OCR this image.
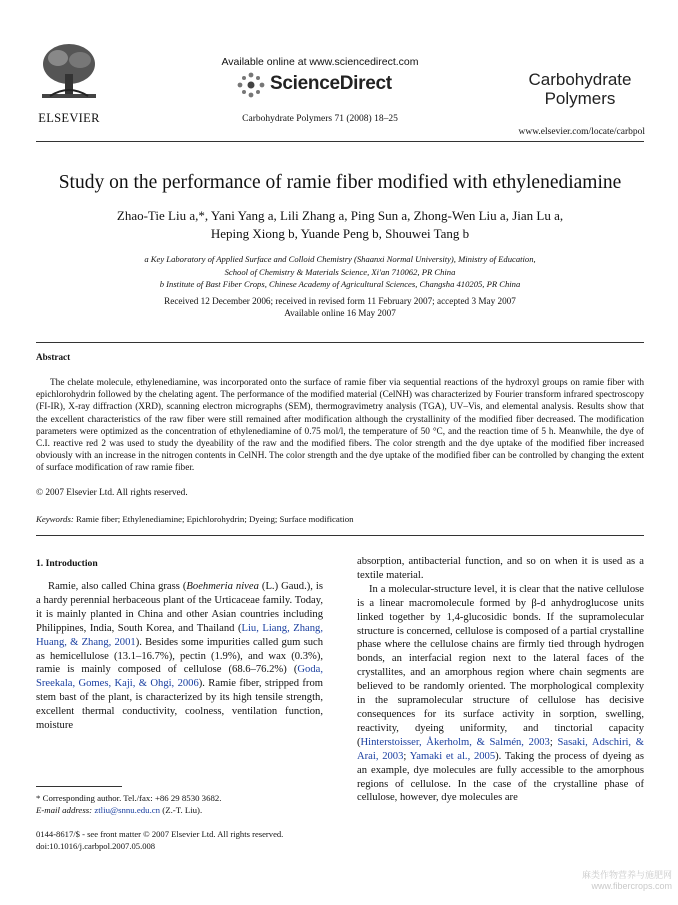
ELSEVIER
Available online at www.sciencedirect.com
ScienceDirect
Carbohydrate Polymers 71 (2008) 18–25
Carbohydrate
Polymers
www.elsevier.com/locate/carbpol
Study on the performance of ramie fiber modified with ethylenediamine
Zhao-Tie Liu a,*, Yani Yang a, Lili Zhang a, Ping Sun a, Zhong-Wen Liu a, Jian Lu a,
Heping Xiong b, Yuande Peng b, Shouwei Tang b
a Key Laboratory of Applied Surface and Colloid Chemistry (Shaanxi Normal University), Ministry of Education,
School of Chemistry & Materials Science, Xi'an 710062, PR China
b Institute of Bast Fiber Crops, Chinese Academy of Agricultural Sciences, Changsha 410205, PR China
Received 12 December 2006; received in revised form 11 February 2007; accepted 3 May 2007
Available online 16 May 2007
Abstract
The chelate molecule, ethylenediamine, was incorporated onto the surface of ramie fiber via sequential reactions of the hydroxyl groups on ramie fiber with epichlorohydrin followed by the chelating agent. The performance of the modified material (CelNH) was characterized by Fourier transform infrared spectroscopy (FI-IR), X-ray diffraction (XRD), scanning electron micrographs (SEM), thermogravimetry analysis (TGA), UV–Vis, and elemental analysis. Results show that the excellent characteristics of the raw fiber were still remained after modification although the crystallinity of the modified fiber decreased. The modification parameters were optimized as the concentration of ethylenediamine of 0.75 mol/l, the temperature of 50 °C, and the reaction time of 5 h. Meanwhile, the dye of C.I. reactive red 2 was used to study the dyeability of the raw and the modified fibers. The color strength and the dye uptake of the modified fiber increased obviously with an increase in the nitrogen contents in CelNH. The color strength and the dye uptake of the modified fiber can be controlled by changing the extent of surface modification of raw ramie fiber.
© 2007 Elsevier Ltd. All rights reserved.
Keywords: Ramie fiber; Ethylenediamine; Epichlorohydrin; Dyeing; Surface modification
1. Introduction

Ramie, also called China grass (Boehmeria nivea (L.) Gaud.), is a hardy perennial herbaceous plant of the Urticaceae family. Today, it is mainly planted in China and other Asian countries including Philippines, India, South Korea, and Thailand (Liu, Liang, Zhang, Huang, & Zhang, 2001). Besides some impurities called gum such as hemicellulose (13.1–16.7%), pectin (1.9%), and wax (0.3%), ramie is mainly composed of cellulose (68.6–76.2%) (Goda, Sreekala, Gomes, Kaji, & Ohgi, 2006). Ramie fiber, stripped from stem bast of the plant, is characterized by its high tensile strength, excellent thermal conductivity, coolness, ventilation function, moisture

absorption, antibacterial function, and so on when it is used as a textile material.

In a molecular-structure level, it is clear that the native cellulose is a linear macromolecule formed by β-d anhydroglucose units linked together by 1,4-glucosidic bonds. If the supramolecular structure is concerned, cellulose is composed of a partial crystalline phase where the cellulose chains are firmly tied through hydrogen bonds, an interfacial region next to the lateral faces of the crystallites, and an amorphous region where chain segments are believed to be randomly oriented. The morphological complexity in the supramolecular structure of cellulose has decisive consequences for its surface activity in sorption, swelling, reactivity, dyeing uniformity, and tinctorial capacity (Hinterstoisser, Åkerholm, & Salmén, 2003; Sasaki, Adschiri, & Arai, 2003; Yamaki et al., 2005). Taking the process of dyeing as an example, dye molecules are fully accessible to the amorphous regions of cellulose. In the case of the crystalline phase of cellulose, however, dye molecules are

* Corresponding author. Tel./fax: +86 29 8530 3682.
E-mail address: ztliu@snnu.edu.cn (Z.-T. Liu).
0144-8617/$ - see front matter © 2007 Elsevier Ltd. All rights reserved.
doi:10.1016/j.carbpol.2007.05.008
麻类作物营养与施肥网
www.fibercrops.com
